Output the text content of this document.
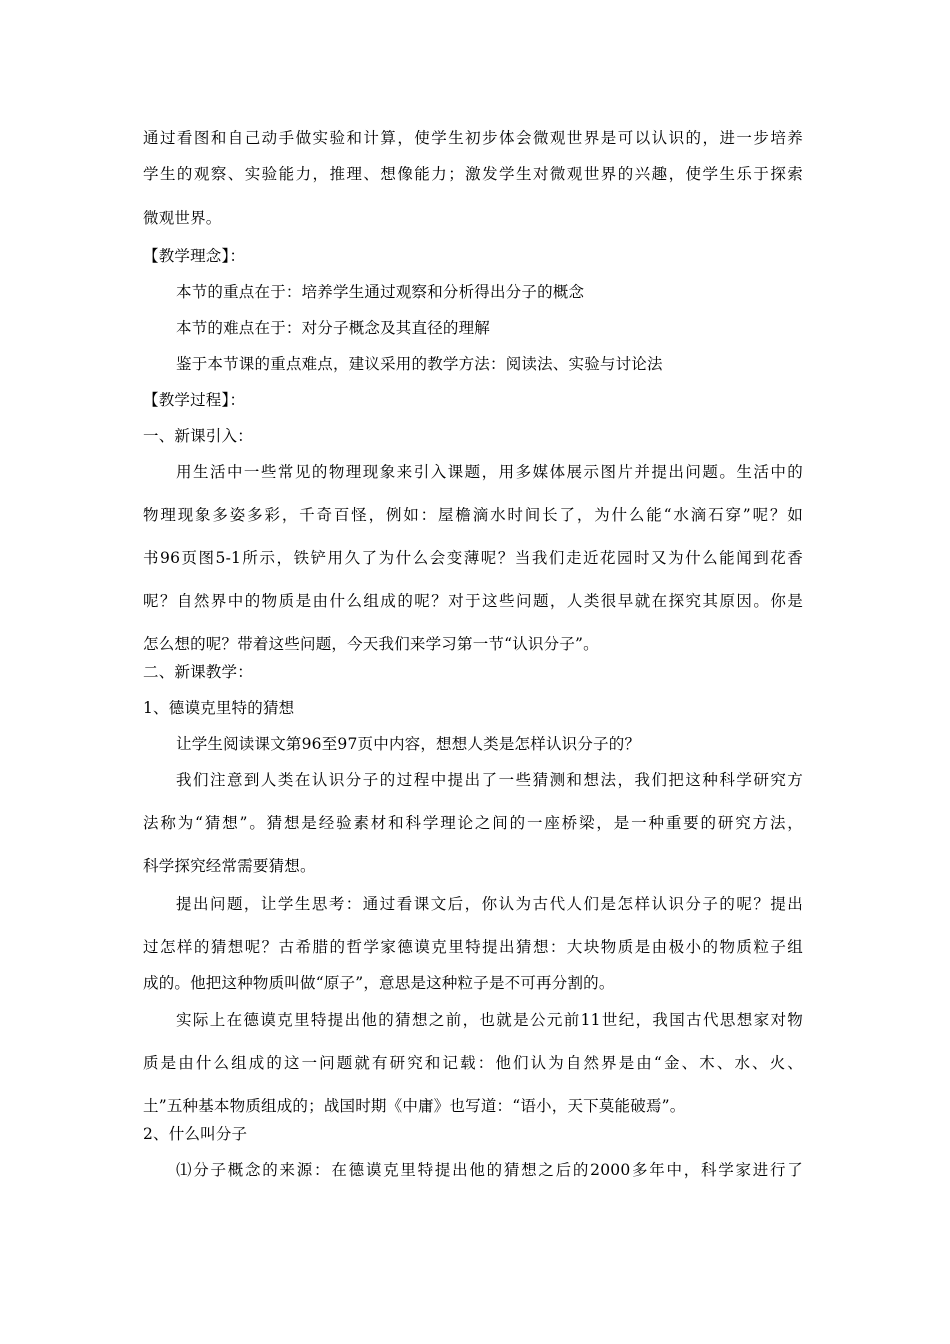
通过看图和自己动手做实验和计算，使学生初步体会微观世界是可以认识的，进一步培养
学生的观察、实验能力，推理、想像能力；激发学生对微观世界的兴趣，使学生乐于探索
微观世界。
【教学理念】：
本节的重点在于：培养学生通过观察和分析得出分子的概念
本节的难点在于：对分子概念及其直径的理解
鉴于本节课的重点难点，建议采用的教学方法：阅读法、实验与讨论法
【教学过程】：
一、新课引入：
用生活中一些常见的物理现象来引入课题，用多媒体展示图片并提出问题。生活中的
物理现象多姿多彩，千奇百怪，例如：屋檐滴水时间长了，为什么能“水滴石穿”呢？如
书96页图5-1所示，铁铲用久了为什么会变薄呢？当我们走近花园时又为什么能闻到花香
呢？自然界中的物质是由什么组成的呢？对于这些问题，人类很早就在探究其原因。你是
怎么想的呢？带着这些问题，今天我们来学习第一节“认识分子”。
二、新课教学：
1、德谟克里特的猜想
让学生阅读课文第96至97页中内容，想想人类是怎样认识分子的？
我们注意到人类在认识分子的过程中提出了一些猜测和想法，我们把这种科学研究方
法称为“猜想”。猜想是经验素材和科学理论之间的一座桥梁，是一种重要的研究方法，
科学探究经常需要猜想。
提出问题，让学生思考：通过看课文后，你认为古代人们是怎样认识分子的呢？提出
过怎样的猜想呢？古希腊的哲学家德谟克里特提出猜想：大块物质是由极小的物质粒子组
成的。他把这种物质叫做“原子”，意思是这种粒子是不可再分割的。
实际上在德谟克里特提出他的猜想之前，也就是公元前11世纪，我国古代思想家对物
质是由什么组成的这一问题就有研究和记载：他们认为自然界是由“金、木、水、火、
土”五种基本物质组成的；战国时期《中庸》也写道：“语小，天下莫能破焉”。
2、什么叫分子
⑴分子概念的来源：在德谟克里特提出他的猜想之后的2000多年中，科学家进行了
